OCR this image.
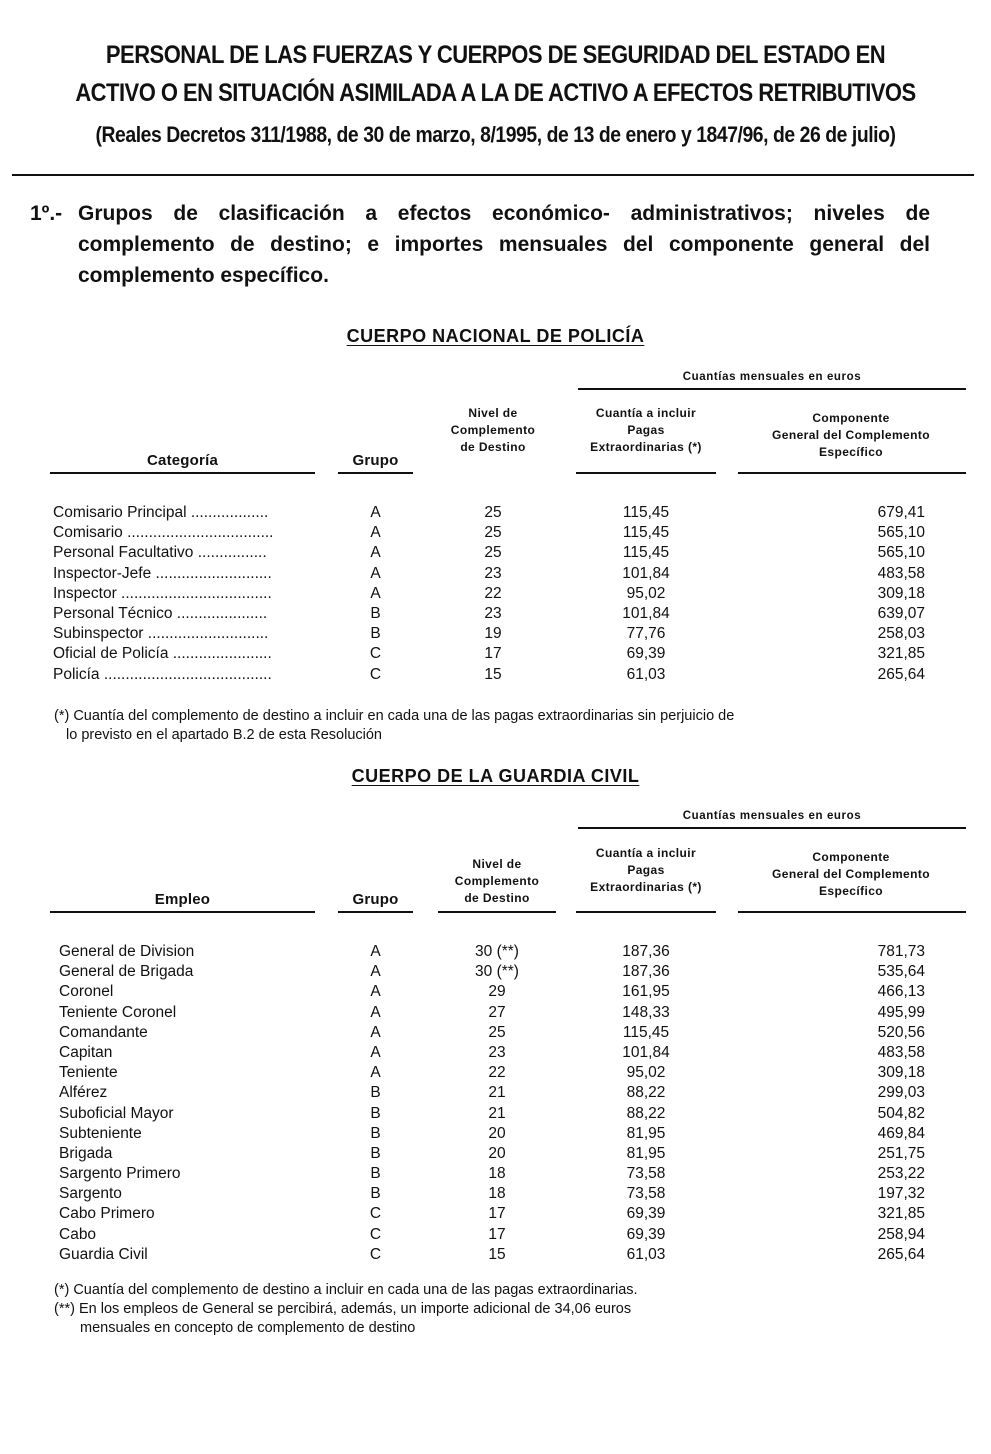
PERSONAL DE LAS FUERZAS Y CUERPOS DE SEGURIDAD DEL ESTADO EN
ACTIVO O EN SITUACIÓN ASIMILADA A LA DE ACTIVO A EFECTOS RETRIBUTIVOS
(Reales Decretos 311/1988, de 30 de marzo, 8/1995, de 13 de enero y 1847/96, de 26 de julio)
1º.- Grupos de clasificación a efectos económico- administrativos; niveles de complemento de destino; e importes mensuales del componente general del complemento específico.
CUERPO NACIONAL DE POLICÍA
Cuantías mensuales en euros
Categoría	Grupo
Nivel de
Complemento
de Destino
Cuantía a incluir
Pagas
Extraordinarias (*)
Componente
General del Complemento
Específico
Comisario Principal ..................	A	25	115,45	679,41
Comisario ..................................	A	25	115,45	565,10
Personal Facultativo ................	A	25	115,45	565,10
Inspector-Jefe ...........................	A	23	101,84	483,58
Inspector ...................................	A	22	95,02	309,18
Personal Técnico .....................	B	23	101,84	639,07
Subinspector ............................	B	19	77,76	258,03
Oficial de Policía .......................	C	17	69,39	321,85
Policía .......................................	C	15	61,03	265,64
(*) Cuantía del complemento de destino a incluir en cada una de las pagas extraordinarias sin perjuicio de
lo previsto en el apartado B.2 de esta Resolución
CUERPO DE LA GUARDIA CIVIL
Cuantías mensuales en euros
Empleo	Grupo
Nivel de
Complemento
de Destino
Cuantía a incluir
Pagas
Extraordinarias (*)
Componente
General del Complemento
Específico
General de Division	A	30 (**)	187,36	781,73
General de Brigada	A	30 (**)	187,36	535,64
Coronel	A	29	161,95	466,13
Teniente Coronel	A	27	148,33	495,99
Comandante	A	25	115,45	520,56
Capitan	A	23	101,84	483,58
Teniente	A	22	95,02	309,18
Alférez	B	21	88,22	299,03
Suboficial Mayor	B	21	88,22	504,82
Subteniente	B	20	81,95	469,84
Brigada	B	20	81,95	251,75
Sargento Primero	B	18	73,58	253,22
Sargento	B	18	73,58	197,32
Cabo Primero	C	17	69,39	321,85
Cabo	C	17	69,39	258,94
Guardia Civil	C	15	61,03	265,64
(*) Cuantía del complemento de destino a incluir en cada una de las pagas extraordinarias.
(**) En los empleos de General se percibirá, además, un importe adicional de 34,06 euros
mensuales en concepto de complemento de destino
